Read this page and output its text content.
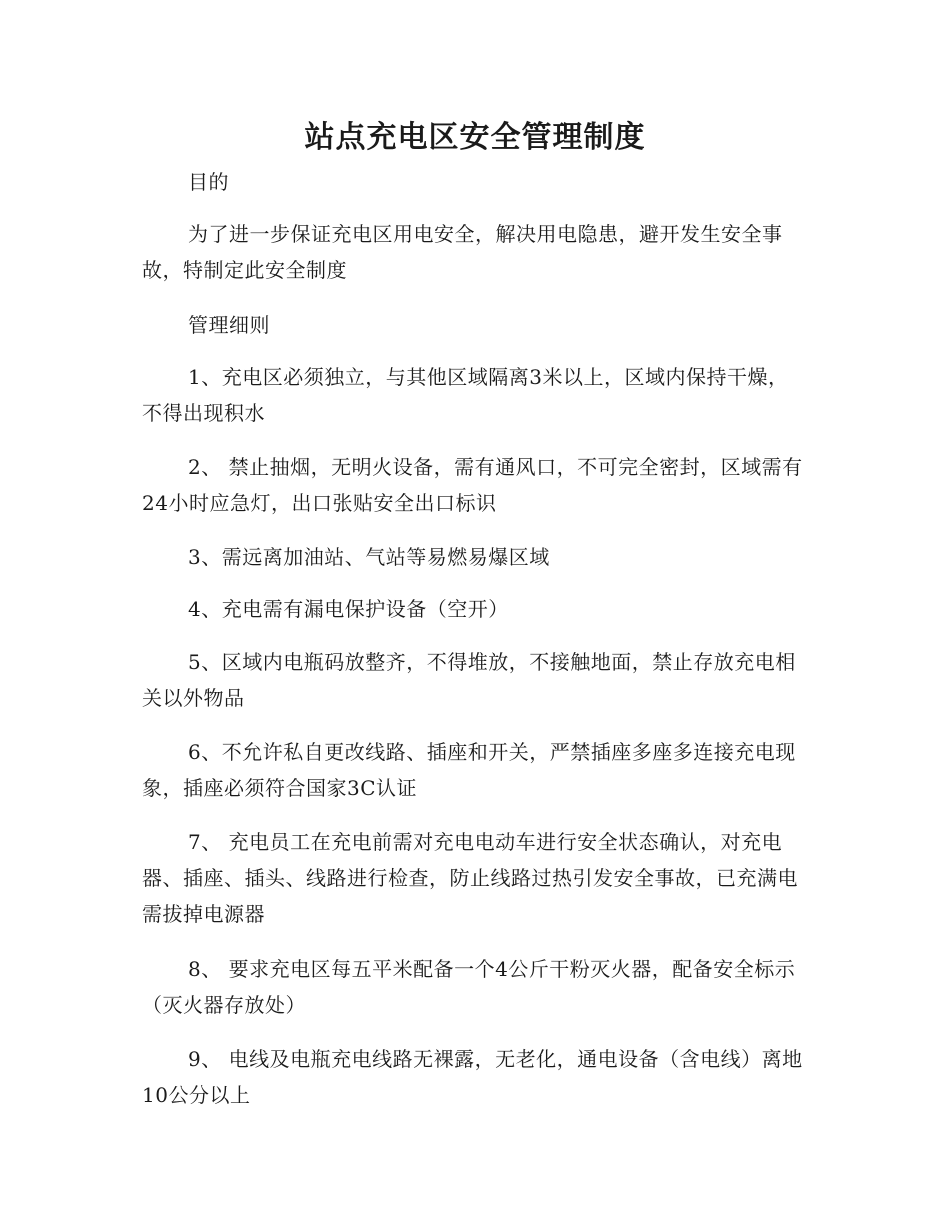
站点充电区安全管理制度

目的

为了进一步保证充电区用电安全，解决用电隐患，避开发生安全事故，特制定此安全制度

管理细则

1、充电区必须独立，与其他区域隔离3米以上，区域内保持干燥，不得出现积水

2、 禁止抽烟，无明火设备，需有通风口，不可完全密封，区域需有24小时应急灯，出口张贴安全出口标识

3、需远离加油站、气站等易燃易爆区域

4、充电需有漏电保护设备（空开）

5、区域内电瓶码放整齐，不得堆放，不接触地面，禁止存放充电相关以外物品

6、不允许私自更改线路、插座和开关，严禁插座多座多连接充电现象，插座必须符合国家3C认证

7、 充电员工在充电前需对充电电动车进行安全状态确认，对充电器、插座、插头、线路进行检查，防止线路过热引发安全事故，已充满电需拔掉电源器

8、 要求充电区每五平米配备一个4公斤干粉灭火器，配备安全标示（灭火器存放处）

9、 电线及电瓶充电线路无裸露，无老化，通电设备（含电线）离地10公分以上
